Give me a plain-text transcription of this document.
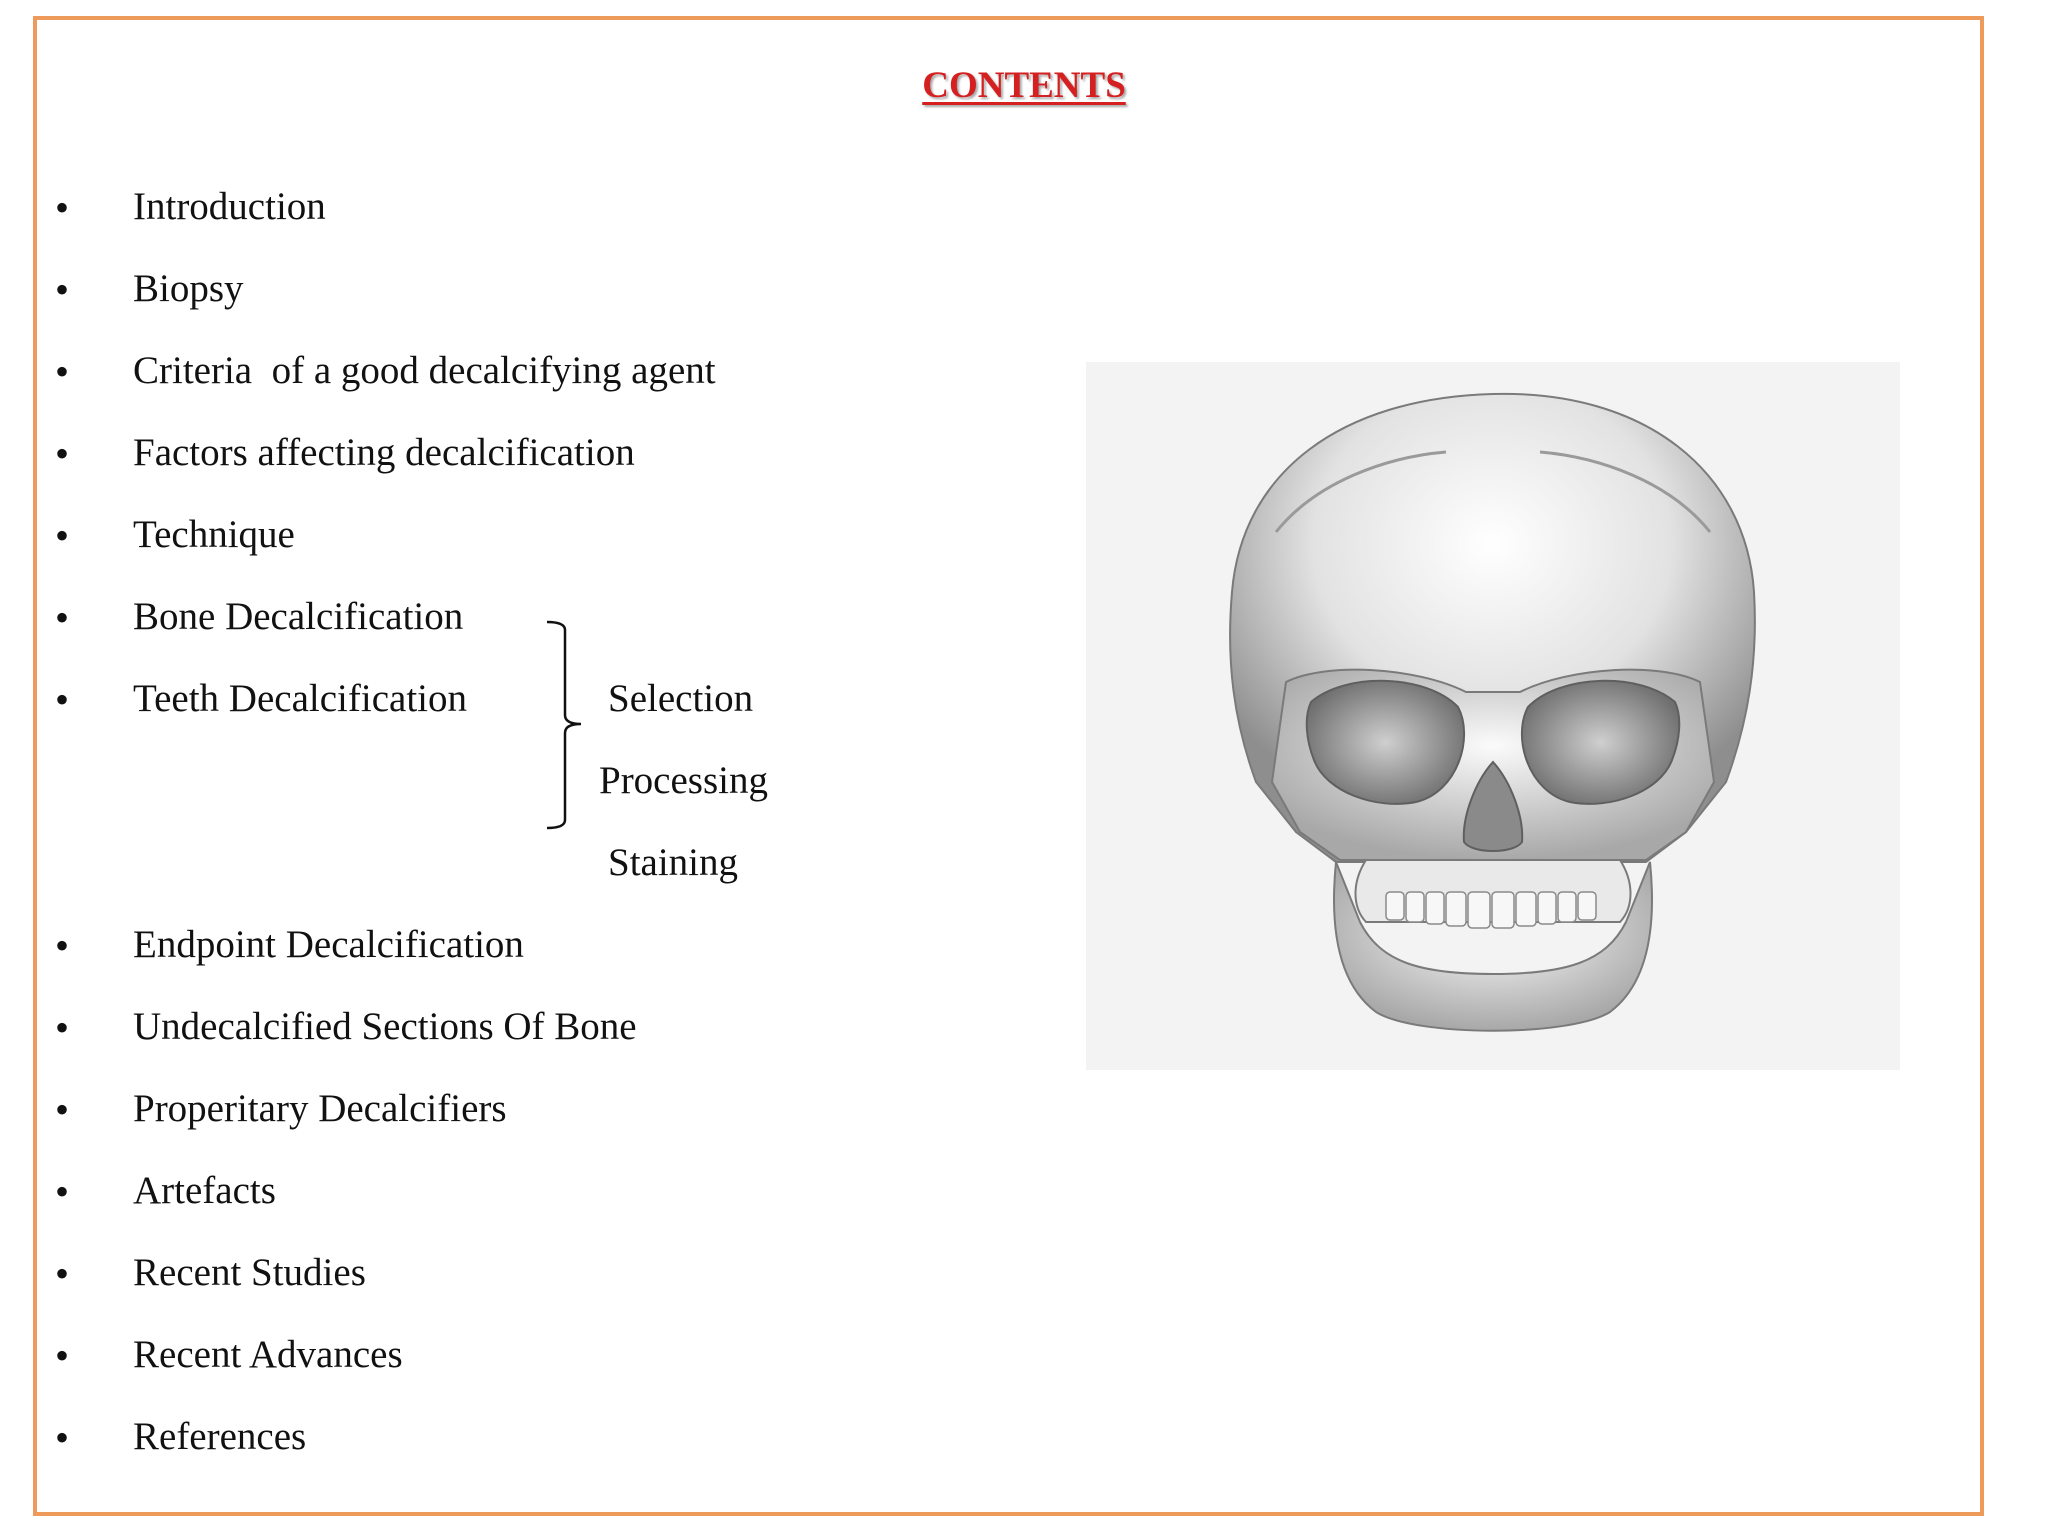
CONTENTS
•
Introduction
•
Biopsy
•
Criteria  of a good decalcifying agent
•
Factors affecting decalcification
•
Technique
•
Bone Decalcification
•
Teeth Decalcification
•
Endpoint Decalcification
•
Undecalcified Sections Of Bone
•
Properitary Decalcifiers
•
Artefacts
•
Recent Studies
•
Recent Advances
•
References
Selection
Processing
Staining
